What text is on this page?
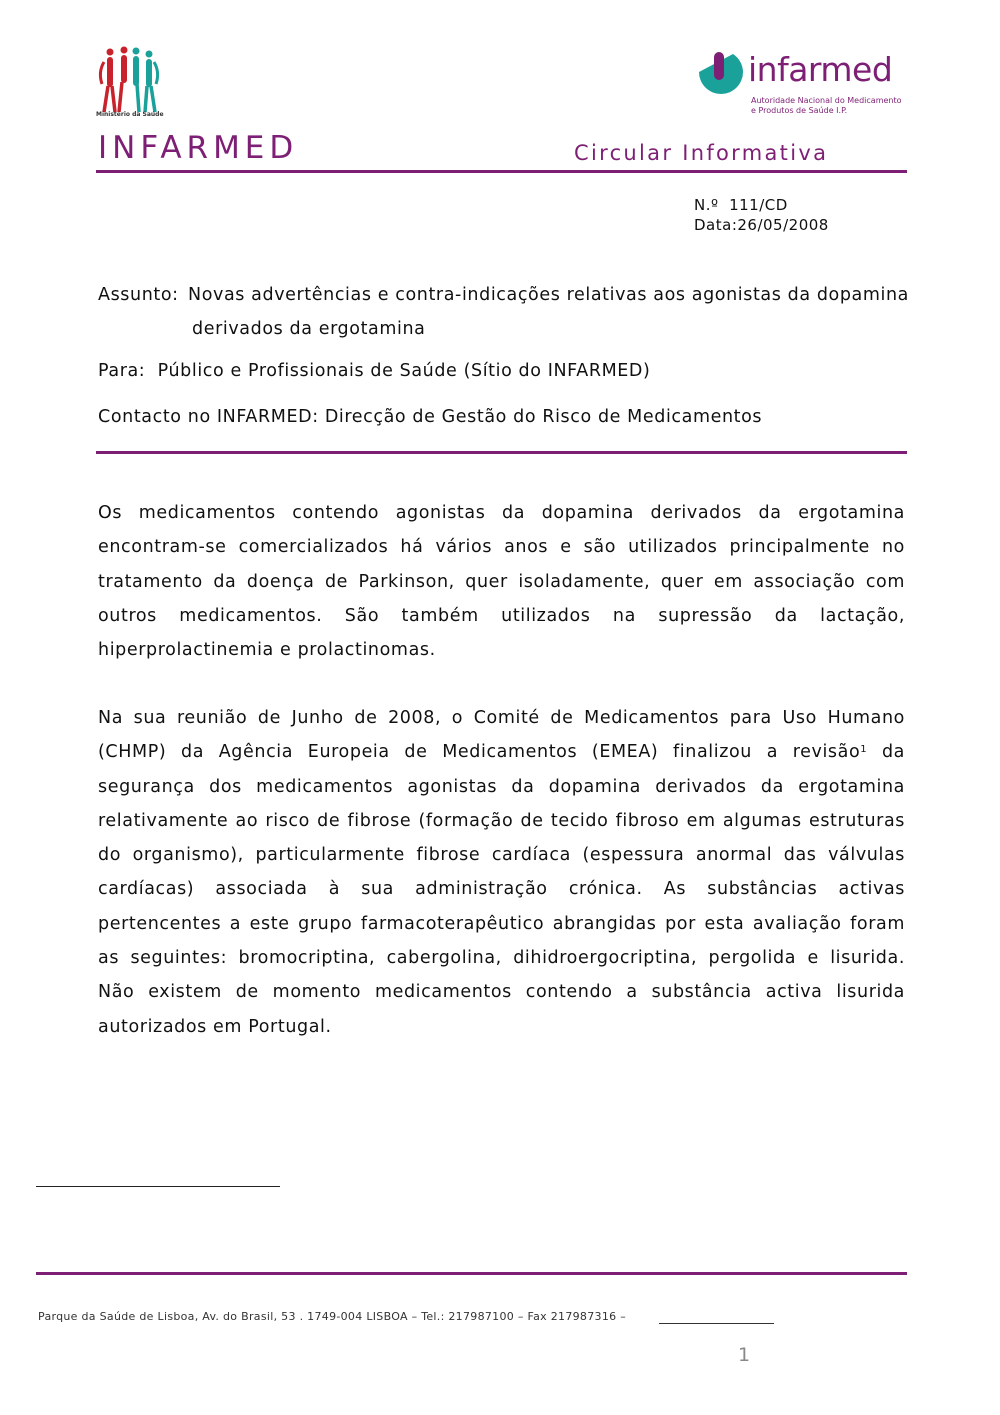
Ministério da Saúde
infarmed
Autoridade Nacional do Medicamento
e Produtos de Saúde I.P.
INFARMED	Circular Informativa
N.º  111/CD
Data:26/05/2008
Assunto: Novas advertências e contra-indicações relativas aos agonistas da dopamina
derivados da ergotamina
Para:  Público e Profissionais de Saúde (Sítio do INFARMED)
Contacto no INFARMED: Direcção de Gestão do Risco de Medicamentos

Os medicamentos contendo agonistas da dopamina derivados da ergotamina encontram-se comercializados há vários anos e são utilizados principalmente no tratamento da doença de Parkinson, quer isoladamente, quer em associação com outros medicamentos. São também utilizados na supressão da lactação, hiperprolactinemia e prolactinomas.

Na sua reunião de Junho de 2008, o Comité de Medicamentos para Uso Humano (CHMP) da Agência Europeia de Medicamentos (EMEA) finalizou a revisão$^1$ da segurança dos medicamentos agonistas da dopamina derivados da ergotamina relativamente ao risco de fibrose (formação de tecido fibroso em algumas estruturas do organismo), particularmente fibrose cardíaca (espessura anormal das válvulas cardíacas) associada à sua administração crónica. As substâncias activas pertencentes a este grupo farmacoterapêutico abrangidas por esta avaliação foram as seguintes: bromocriptina, cabergolina, dihidroergocriptina, pergolida e lisurida. Não existem de momento medicamentos contendo a substância activa lisurida autorizados em Portugal.

Parque da Saúde de Lisboa, Av. do Brasil, 53 . 1749-004 LISBOA – Tel.: 217987100 – Fax 217987316 –
1
